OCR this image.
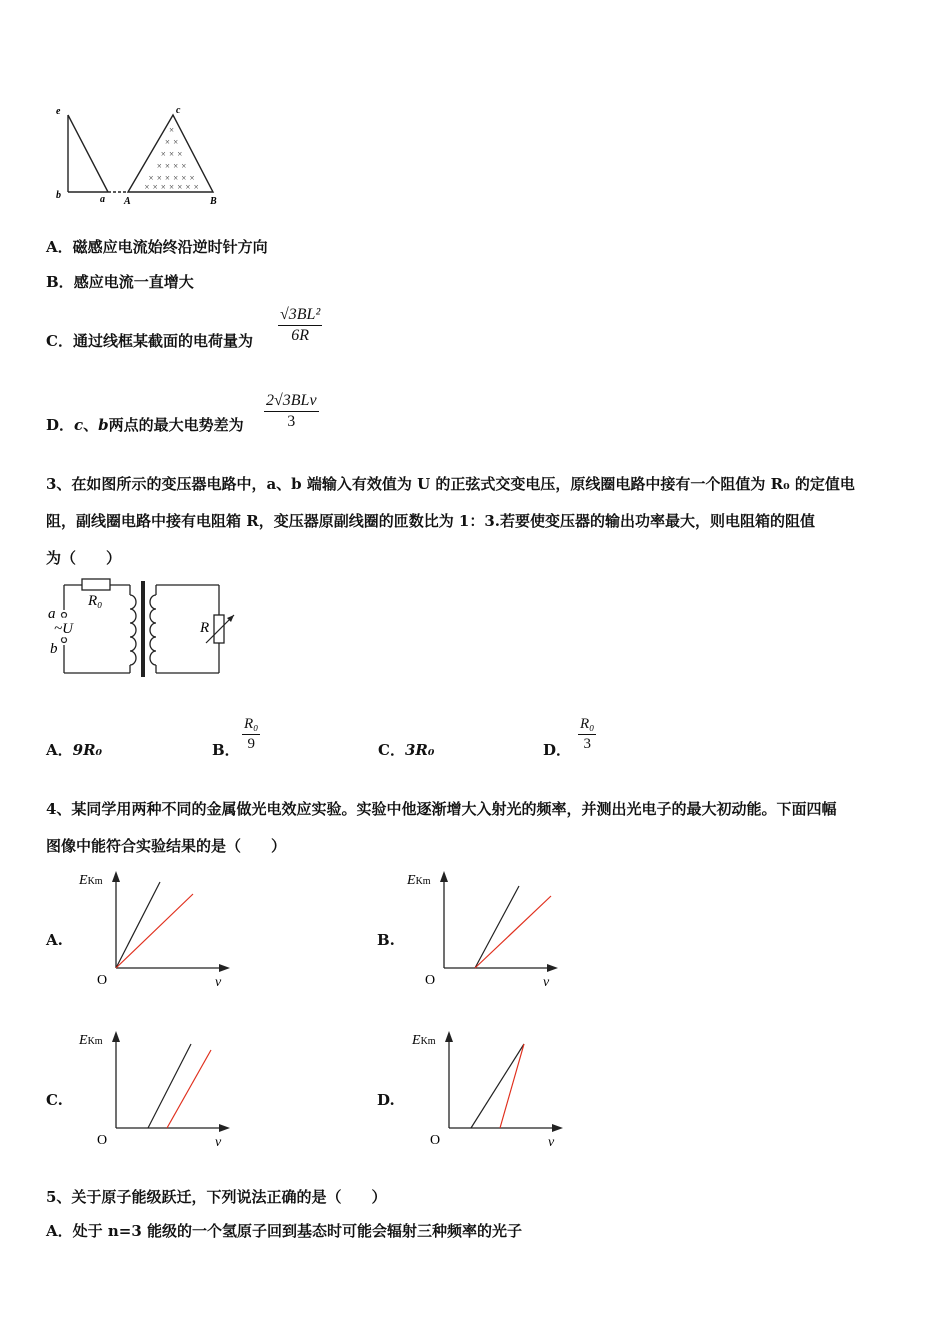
×
× ×
× × ×
× × × ×
× × × × × ×
× × × × × × ×
e	c
b	a A	B
A．磁感应电流始终沿逆时针方向
B．感应电流一直增大
C．通过线框某截面的电荷量为 $\frac{\text{√3BL²}}{6R}$
D．c、b两点的最大电势差为
2√3BLv
3
3、在如图所示的变压器电路中，a、b 端输入有效值为 U 的正弦式交变电压，原线圈电路中接有一个阻值为 R₀ 的定值电
阻，副线圈电路中接有电阻箱 R，变压器原副线圈的匝数比为 1：3.若要使变压器的输出功率最大，则电阻箱的阻值
为（　　）
R₀
a
~U
b
R
A．9R₀	B． $\frac{\text{R₀}}{9}$	C．3R₀	D． $\frac{\text{R₀}}{3}$
4、某同学用两种不同的金属做光电效应实验。实验中他逐渐增大入射光的频率，并测出光电子的最大初动能。下面四幅
图像中能符合实验结果的是（　　）
A.	B.
C.	D.
EKm
O	v
EKm
O	v
EKm
O	v
EKm
O	v
5、关于原子能级跃迁，下列说法正确的是（　　）
A．处于 n=3 能级的一个氢原子回到基态时可能会辐射三种频率的光子
